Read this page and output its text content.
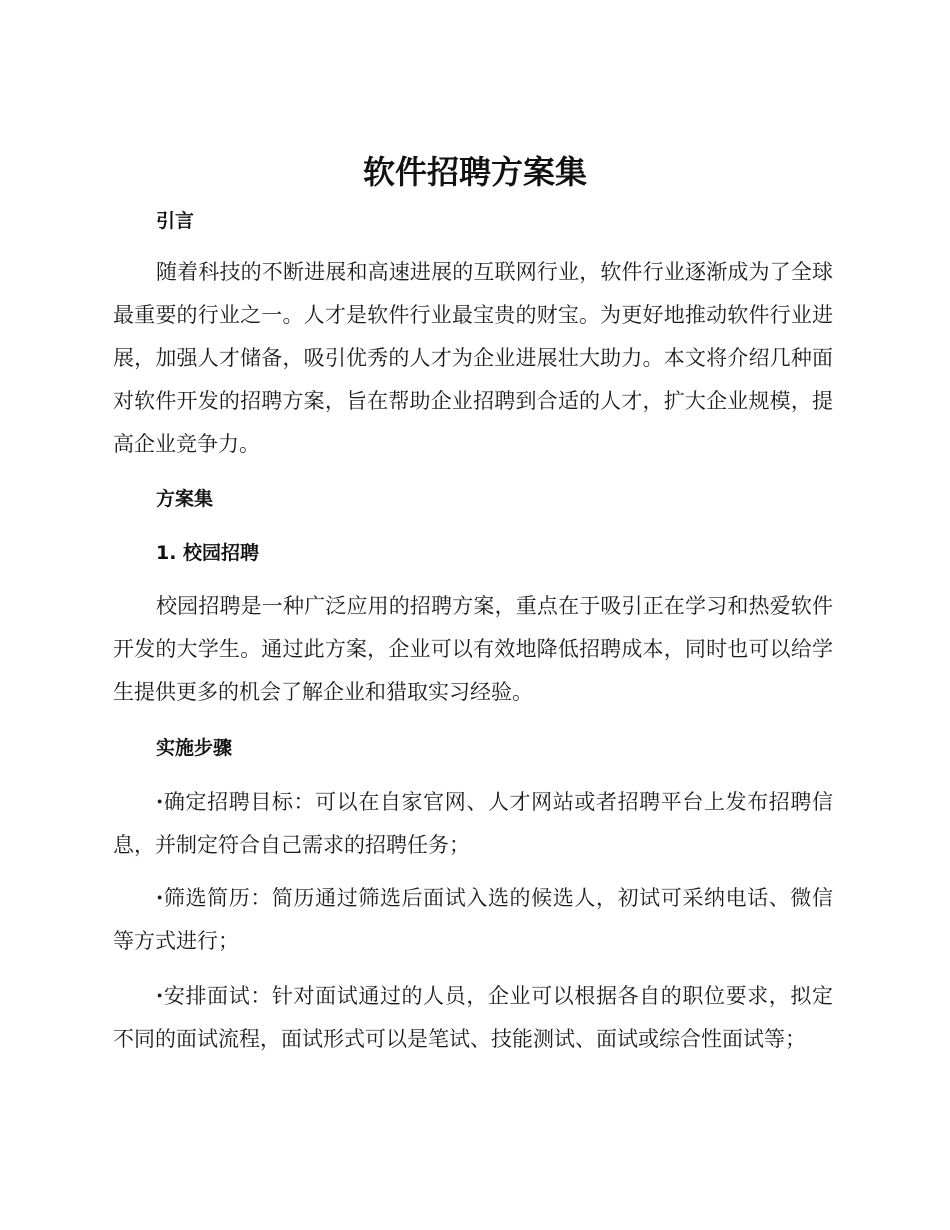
软件招聘方案集
引言

随着科技的不断进展和高速进展的互联网行业，软件行业逐渐成为了全球最重要的行业之一。人才是软件行业最宝贵的财宝。为更好地推动软件行业进展，加强人才储备，吸引优秀的人才为企业进展壮大助力。本文将介绍几种面对软件开发的招聘方案，旨在帮助企业招聘到合适的人才，扩大企业规模，提高企业竞争力。

方案集
1. 校园招聘

校园招聘是一种广泛应用的招聘方案，重点在于吸引正在学习和热爱软件开发的大学生。通过此方案，企业可以有效地降低招聘成本，同时也可以给学生提供更多的机会了解企业和猎取实习经验。

实施步骤

·确定招聘目标：可以在自家官网、人才网站或者招聘平台上发布招聘信息，并制定符合自己需求的招聘任务；

·筛选简历：简历通过筛选后面试入选的候选人，初试可采纳电话、微信等方式进行；

·安排面试：针对面试通过的人员，企业可以根据各自的职位要求，拟定不同的面试流程，面试形式可以是笔试、技能测试、面试或综合性面试等；
